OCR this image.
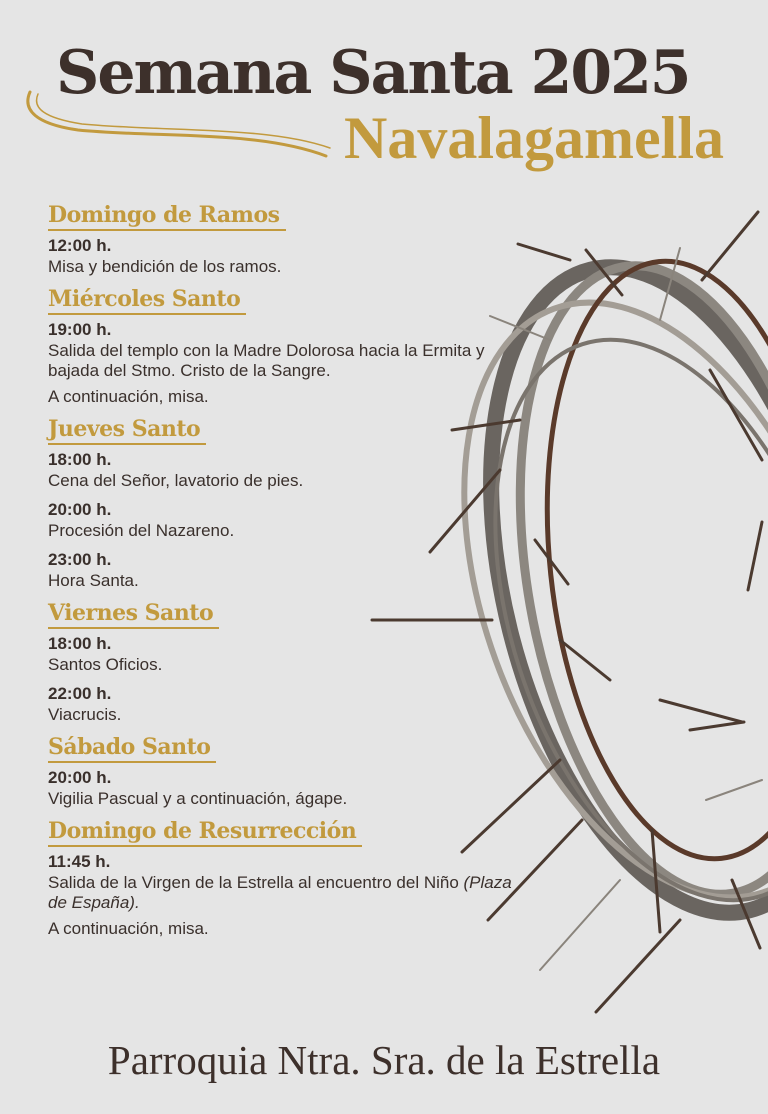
Semana Santa 2025
Navalagamella
Domingo de Ramos
12:00 h.
Misa y bendición de los ramos.
Miércoles Santo
19:00 h.
Salida del templo con la Madre Dolorosa hacia la Ermita y bajada del Stmo. Cristo de la Sangre.
A continuación, misa.
Jueves Santo
18:00 h.
Cena del Señor, lavatorio de pies.
20:00 h.
Procesión del Nazareno.
23:00 h.
Hora Santa.
Viernes Santo
18:00 h.
Santos Oficios.
22:00 h.
Viacrucis.
Sábado Santo
20:00 h.
Vigilia Pascual y a continuación, ágape.
Domingo de Resurrección
11:45 h.
Salida de la Virgen de la Estrella al encuentro del Niño (Plaza de España).
A continuación, misa.

Parroquia Ntra. Sra. de la Estrella
